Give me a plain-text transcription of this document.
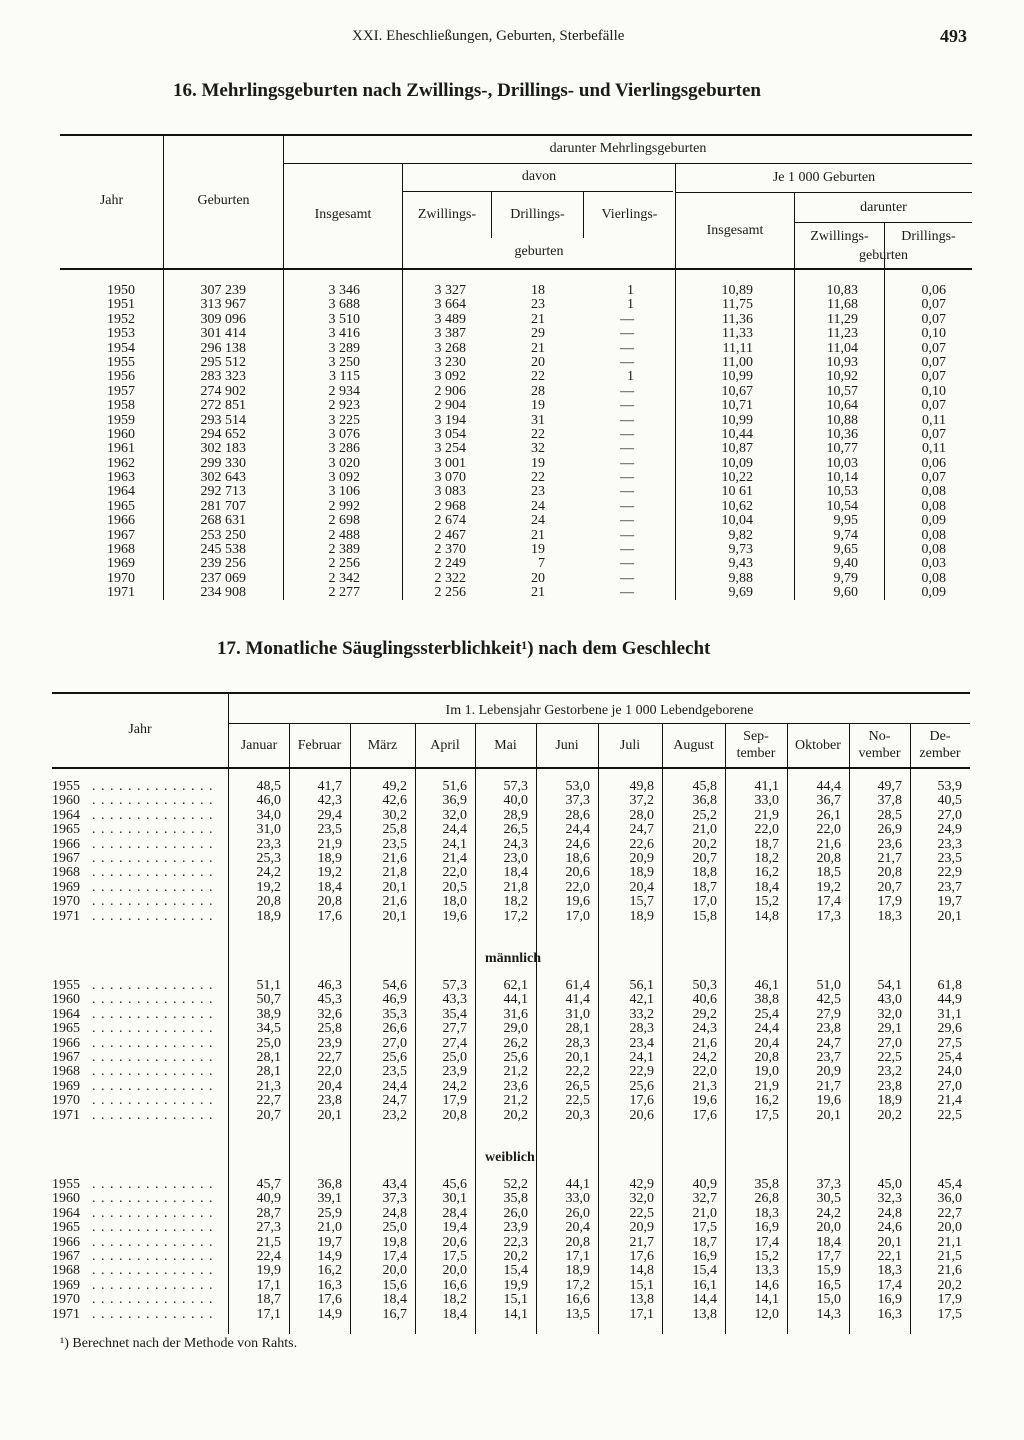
XXI. Eheschließungen, Geburten, Sterbefälle	493
16. Mehrlingsgeburten nach Zwillings-, Drillings- und Vierlingsgeburten
Jahr	Geburten
darunter Mehrlingsgeburten
Insgesamt
davon
Zwillings-	Drillings-	Vierlings-
geburten
Je 1 000 Geburten
Insgesamt
darunter
Zwillings-	Drillings-
geburten
1950	307 239	3 346	3 327	18	1	10,89	10,83	0,06
1951	313 967	3 688	3 664	23	1	11,75	11,68	0,07
1952	309 096	3 510	3 489	21	—	11,36	11,29	0,07
1953	301 414	3 416	3 387	29	—	11,33	11,23	0,10
1954	296 138	3 289	3 268	21	—	11,11	11,04	0,07
1955	295 512	3 250	3 230	20	—	11,00	10,93	0,07
1956	283 323	3 115	3 092	22	1	10,99	10,92	0,07
1957	274 902	2 934	2 906	28	—	10,67	10,57	0,10
1958	272 851	2 923	2 904	19	—	10,71	10,64	0,07
1959	293 514	3 225	3 194	31	—	10,99	10,88	0,11
1960	294 652	3 076	3 054	22	—	10,44	10,36	0,07
1961	302 183	3 286	3 254	32	—	10,87	10,77	0,11
1962	299 330	3 020	3 001	19	—	10,09	10,03	0,06
1963	302 643	3 092	3 070	22	—	10,22	10,14	0,07
1964	292 713	3 106	3 083	23	—	10 61	10,53	0,08
1965	281 707	2 992	2 968	24	—	10,62	10,54	0,08
1966	268 631	2 698	2 674	24	—	10,04	9,95	0,09
1967	253 250	2 488	2 467	21	—	9,82	9,74	0,08
1968	245 538	2 389	2 370	19	—	9,73	9,65	0,08
1969	239 256	2 256	2 249	7	—	9,43	9,40	0,03
1970	237 069	2 342	2 322	20	—	9,88	9,79	0,08
1971	234 908	2 277	2 256	21	—	9,69	9,60	0,09
17. Monatliche Säuglingssterblichkeit¹) nach dem Geschlecht
Jahr
Im 1. Lebensjahr Gestorbene je 1 000 Lebendgeborene
Januar	Februar	März	April	Mai	Juni	Juli	August
Sep-
tember
Oktober
No-
vember
De-
zember
1955 . . . . . . . . . . . . . .	48,5	41,7	49,2	51,6	57,3	53,0	49,8	45,8	41,1	44,4	49,7	53,9
1960 . . . . . . . . . . . . . .	46,0	42,3	42,6	36,9	40,0	37,3	37,2	36,8	33,0	36,7	37,8	40,5
1964 . . . . . . . . . . . . . .	34,0	29,4	30,2	32,0	28,9	28,6	28,0	25,2	21,9	26,1	28,5	27,0
1965 . . . . . . . . . . . . . .	31,0	23,5	25,8	24,4	26,5	24,4	24,7	21,0	22,0	22,0	26,9	24,9
1966 . . . . . . . . . . . . . .	23,3	21,9	23,5	24,1	24,3	24,6	22,6	20,2	18,7	21,6	23,6	23,3
1967 . . . . . . . . . . . . . .	25,3	18,9	21,6	21,4	23,0	18,6	20,9	20,7	18,2	20,8	21,7	23,5
1968 . . . . . . . . . . . . . .	24,2	19,2	21,8	22,0	18,4	20,6	18,9	18,8	16,2	18,5	20,8	22,9
1969 . . . . . . . . . . . . . .	19,2	18,4	20,1	20,5	21,8	22,0	20,4	18,7	18,4	19,2	20,7	23,7
1970 . . . . . . . . . . . . . .	20,8	20,8	21,6	18,0	18,2	19,6	15,7	17,0	15,2	17,4	17,9	19,7
1971 . . . . . . . . . . . . . .	18,9	17,6	20,1	19,6	17,2	17,0	18,9	15,8	14,8	17,3	18,3	20,1
männlich
1955 . . . . . . . . . . . . . .	51,1	46,3	54,6	57,3	62,1	61,4	56,1	50,3	46,1	51,0	54,1	61,8
1960 . . . . . . . . . . . . . .	50,7	45,3	46,9	43,3	44,1	41,4	42,1	40,6	38,8	42,5	43,0	44,9
1964 . . . . . . . . . . . . . .	38,9	32,6	35,3	35,4	31,6	31,0	33,2	29,2	25,4	27,9	32,0	31,1
1965 . . . . . . . . . . . . . .	34,5	25,8	26,6	27,7	29,0	28,1	28,3	24,3	24,4	23,8	29,1	29,6
1966 . . . . . . . . . . . . . .	25,0	23,9	27,0	27,4	26,2	28,3	23,4	21,6	20,4	24,7	27,0	27,5
1967 . . . . . . . . . . . . . .	28,1	22,7	25,6	25,0	25,6	20,1	24,1	24,2	20,8	23,7	22,5	25,4
1968 . . . . . . . . . . . . . .	28,1	22,0	23,5	23,9	21,2	22,2	22,9	22,0	19,0	20,9	23,2	24,0
1969 . . . . . . . . . . . . . .	21,3	20,4	24,4	24,2	23,6	26,5	25,6	21,3	21,9	21,7	23,8	27,0
1970 . . . . . . . . . . . . . .	22,7	23,8	24,7	17,9	21,2	22,5	17,6	19,6	16,2	19,6	18,9	21,4
1971 . . . . . . . . . . . . . .	20,7	20,1	23,2	20,8	20,2	20,3	20,6	17,6	17,5	20,1	20,2	22,5
weiblich
1955 . . . . . . . . . . . . . .	45,7	36,8	43,4	45,6	52,2	44,1	42,9	40,9	35,8	37,3	45,0	45,4
1960 . . . . . . . . . . . . . .	40,9	39,1	37,3	30,1	35,8	33,0	32,0	32,7	26,8	30,5	32,3	36,0
1964 . . . . . . . . . . . . . .	28,7	25,9	24,8	28,4	26,0	26,0	22,5	21,0	18,3	24,2	24,8	22,7
1965 . . . . . . . . . . . . . .	27,3	21,0	25,0	19,4	23,9	20,4	20,9	17,5	16,9	20,0	24,6	20,0
1966 . . . . . . . . . . . . . .	21,5	19,7	19,8	20,6	22,3	20,8	21,7	18,7	17,4	18,4	20,1	21,1
1967 . . . . . . . . . . . . . .	22,4	14,9	17,4	17,5	20,2	17,1	17,6	16,9	15,2	17,7	22,1	21,5
1968 . . . . . . . . . . . . . .	19,9	16,2	20,0	20,0	15,4	18,9	14,8	15,4	13,3	15,9	18,3	21,6
1969 . . . . . . . . . . . . . .	17,1	16,3	15,6	16,6	19,9	17,2	15,1	16,1	14,6	16,5	17,4	20,2
1970 . . . . . . . . . . . . . .	18,7	17,6	18,4	18,2	15,1	16,6	13,8	14,4	14,1	15,0	16,9	17,9
1971 . . . . . . . . . . . . . .	17,1	14,9	16,7	18,4	14,1	13,5	17,1	13,8	12,0	14,3	16,3	17,5
¹) Berechnet nach der Methode von Rahts.
